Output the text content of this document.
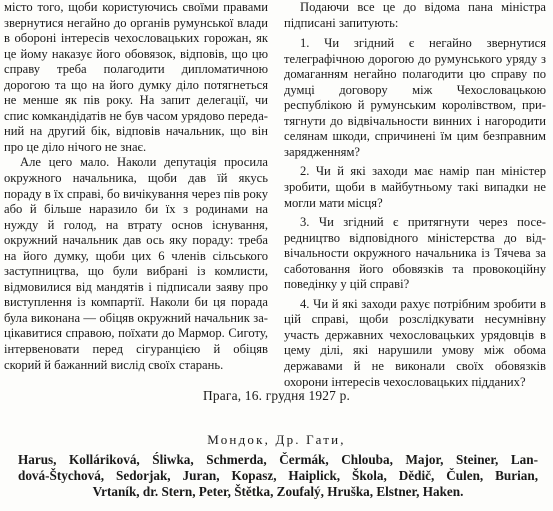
місто того, щоби користуючись своїми правами звернутися негайно до органів румунської влади в обороні інтересів чехословацьких горожан, як це йому наказує його обовязок, відповів, що цю справу треба полагодити дипломатичною дорогою та що на його думку діло потягнеться не менше як пів року. На запит делегації, чи спис комкандідатів не був часом урядово переданий на другий бік, відповів начальник, що він про це діло нічого не знає.

Але цего мало. Наколи депутація просила окружного начальника, щоби дав їй якусь пораду в їх справі, бо вичікування через пів року або й більше наразило би їх з родинами на нужду й голод, на втрату основ існування, окружний начальник дав ось яку пораду: треба на його думку, щоби цих 6 членів сільського заступництва, що були вибрані із комлисти, відмовилися від мандятів і підписали заяву про виступлення із компартії. Наколи би ця порада була виконана — обіцяв окружний начальник зацікавитися справою, поїхати до Мармор. Сиготу, інтервеновати перед сігуранцією й обіцяв скорий й бажанний вислід своїх старань.

Подаючи все це до відома пана міністра підписані запитують:

1. Чи згідний є негайно звернутися телеграфічною дорогою до румунського уряду з домаганням негайно полагодити цю справу по думці договору між Чехословацькою республікою й румунським королівством, притягнути до відвічальности винних і нагородити селянам шкоди, спричинені їм цим безправним зарядженням?

2. Чи й які заходи має намір пан міністер зробити, щоби в майбутньому такі випадки не могли мати місця?

3. Чи згідний є притягнути через посередництво відповідного міністерства до відвічальности окружного начальника із Тячева за саботовання його обовязків та провокоційну поведінку у цій справі?

4. Чи й які заходи рахує потрібним зробити в цій справі, щоби розслідкувати несумнівну участь державних чехословацьких урядовців в цему ділі, які нарушили умову між обома державами й не виконали своїх обовязків охорони інтересів чехословацьких підданих?

Прага, 16. грудня 1927 р.
Мондок, Др. Гати,
Harus, Kolláriková, Śliwka, Schmerda, Čermák, Chlouba, Major, Steiner, Lan-
dová-Štychová, Sedorjak, Juran, Kopasz, Haiplick, Škola, Dědič, Čulen, Burian,
Vrtaník, dr. Stern, Peter, Štětka, Zoufalý, Hruška, Elstner, Haken.
